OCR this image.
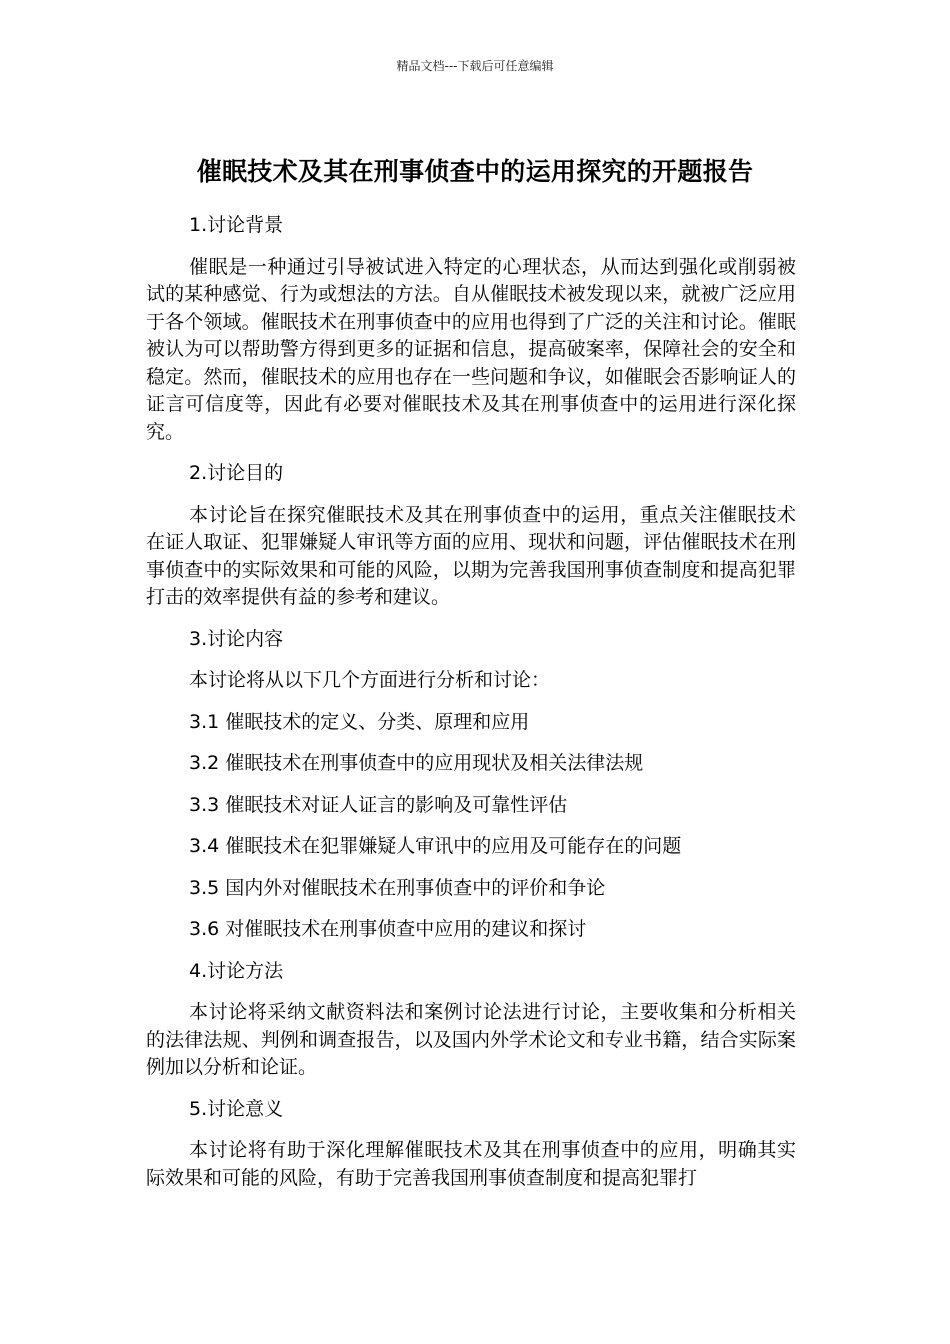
精品文档---下载后可任意编辑
催眠技术及其在刑事侦查中的运用探究的开题报告

1.讨论背景

催眠是一种通过引导被试进入特定的心理状态，从而达到强化或削弱被试的某种感觉、行为或想法的方法。自从催眠技术被发现以来，就被广泛应用于各个领域。催眠技术在刑事侦查中的应用也得到了广泛的关注和讨论。催眠被认为可以帮助警方得到更多的证据和信息，提高破案率，保障社会的安全和稳定。然而，催眠技术的应用也存在一些问题和争议，如催眠会否影响证人的证言可信度等，因此有必要对催眠技术及其在刑事侦查中的运用进行深化探究。

2.讨论目的

本讨论旨在探究催眠技术及其在刑事侦查中的运用，重点关注催眠技术在证人取证、犯罪嫌疑人审讯等方面的应用、现状和问题，评估催眠技术在刑事侦查中的实际效果和可能的风险，以期为完善我国刑事侦查制度和提高犯罪打击的效率提供有益的参考和建议。

3.讨论内容

本讨论将从以下几个方面进行分析和讨论：

3.1 催眠技术的定义、分类、原理和应用

3.2 催眠技术在刑事侦查中的应用现状及相关法律法规

3.3 催眠技术对证人证言的影响及可靠性评估

3.4 催眠技术在犯罪嫌疑人审讯中的应用及可能存在的问题

3.5 国内外对催眠技术在刑事侦查中的评价和争论

3.6 对催眠技术在刑事侦查中应用的建议和探讨

4.讨论方法

本讨论将采纳文献资料法和案例讨论法进行讨论，主要收集和分析相关的法律法规、判例和调查报告，以及国内外学术论文和专业书籍，结合实际案例加以分析和论证。

5.讨论意义

本讨论将有助于深化理解催眠技术及其在刑事侦查中的应用，明确其实际效果和可能的风险，有助于完善我国刑事侦查制度和提高犯罪打
